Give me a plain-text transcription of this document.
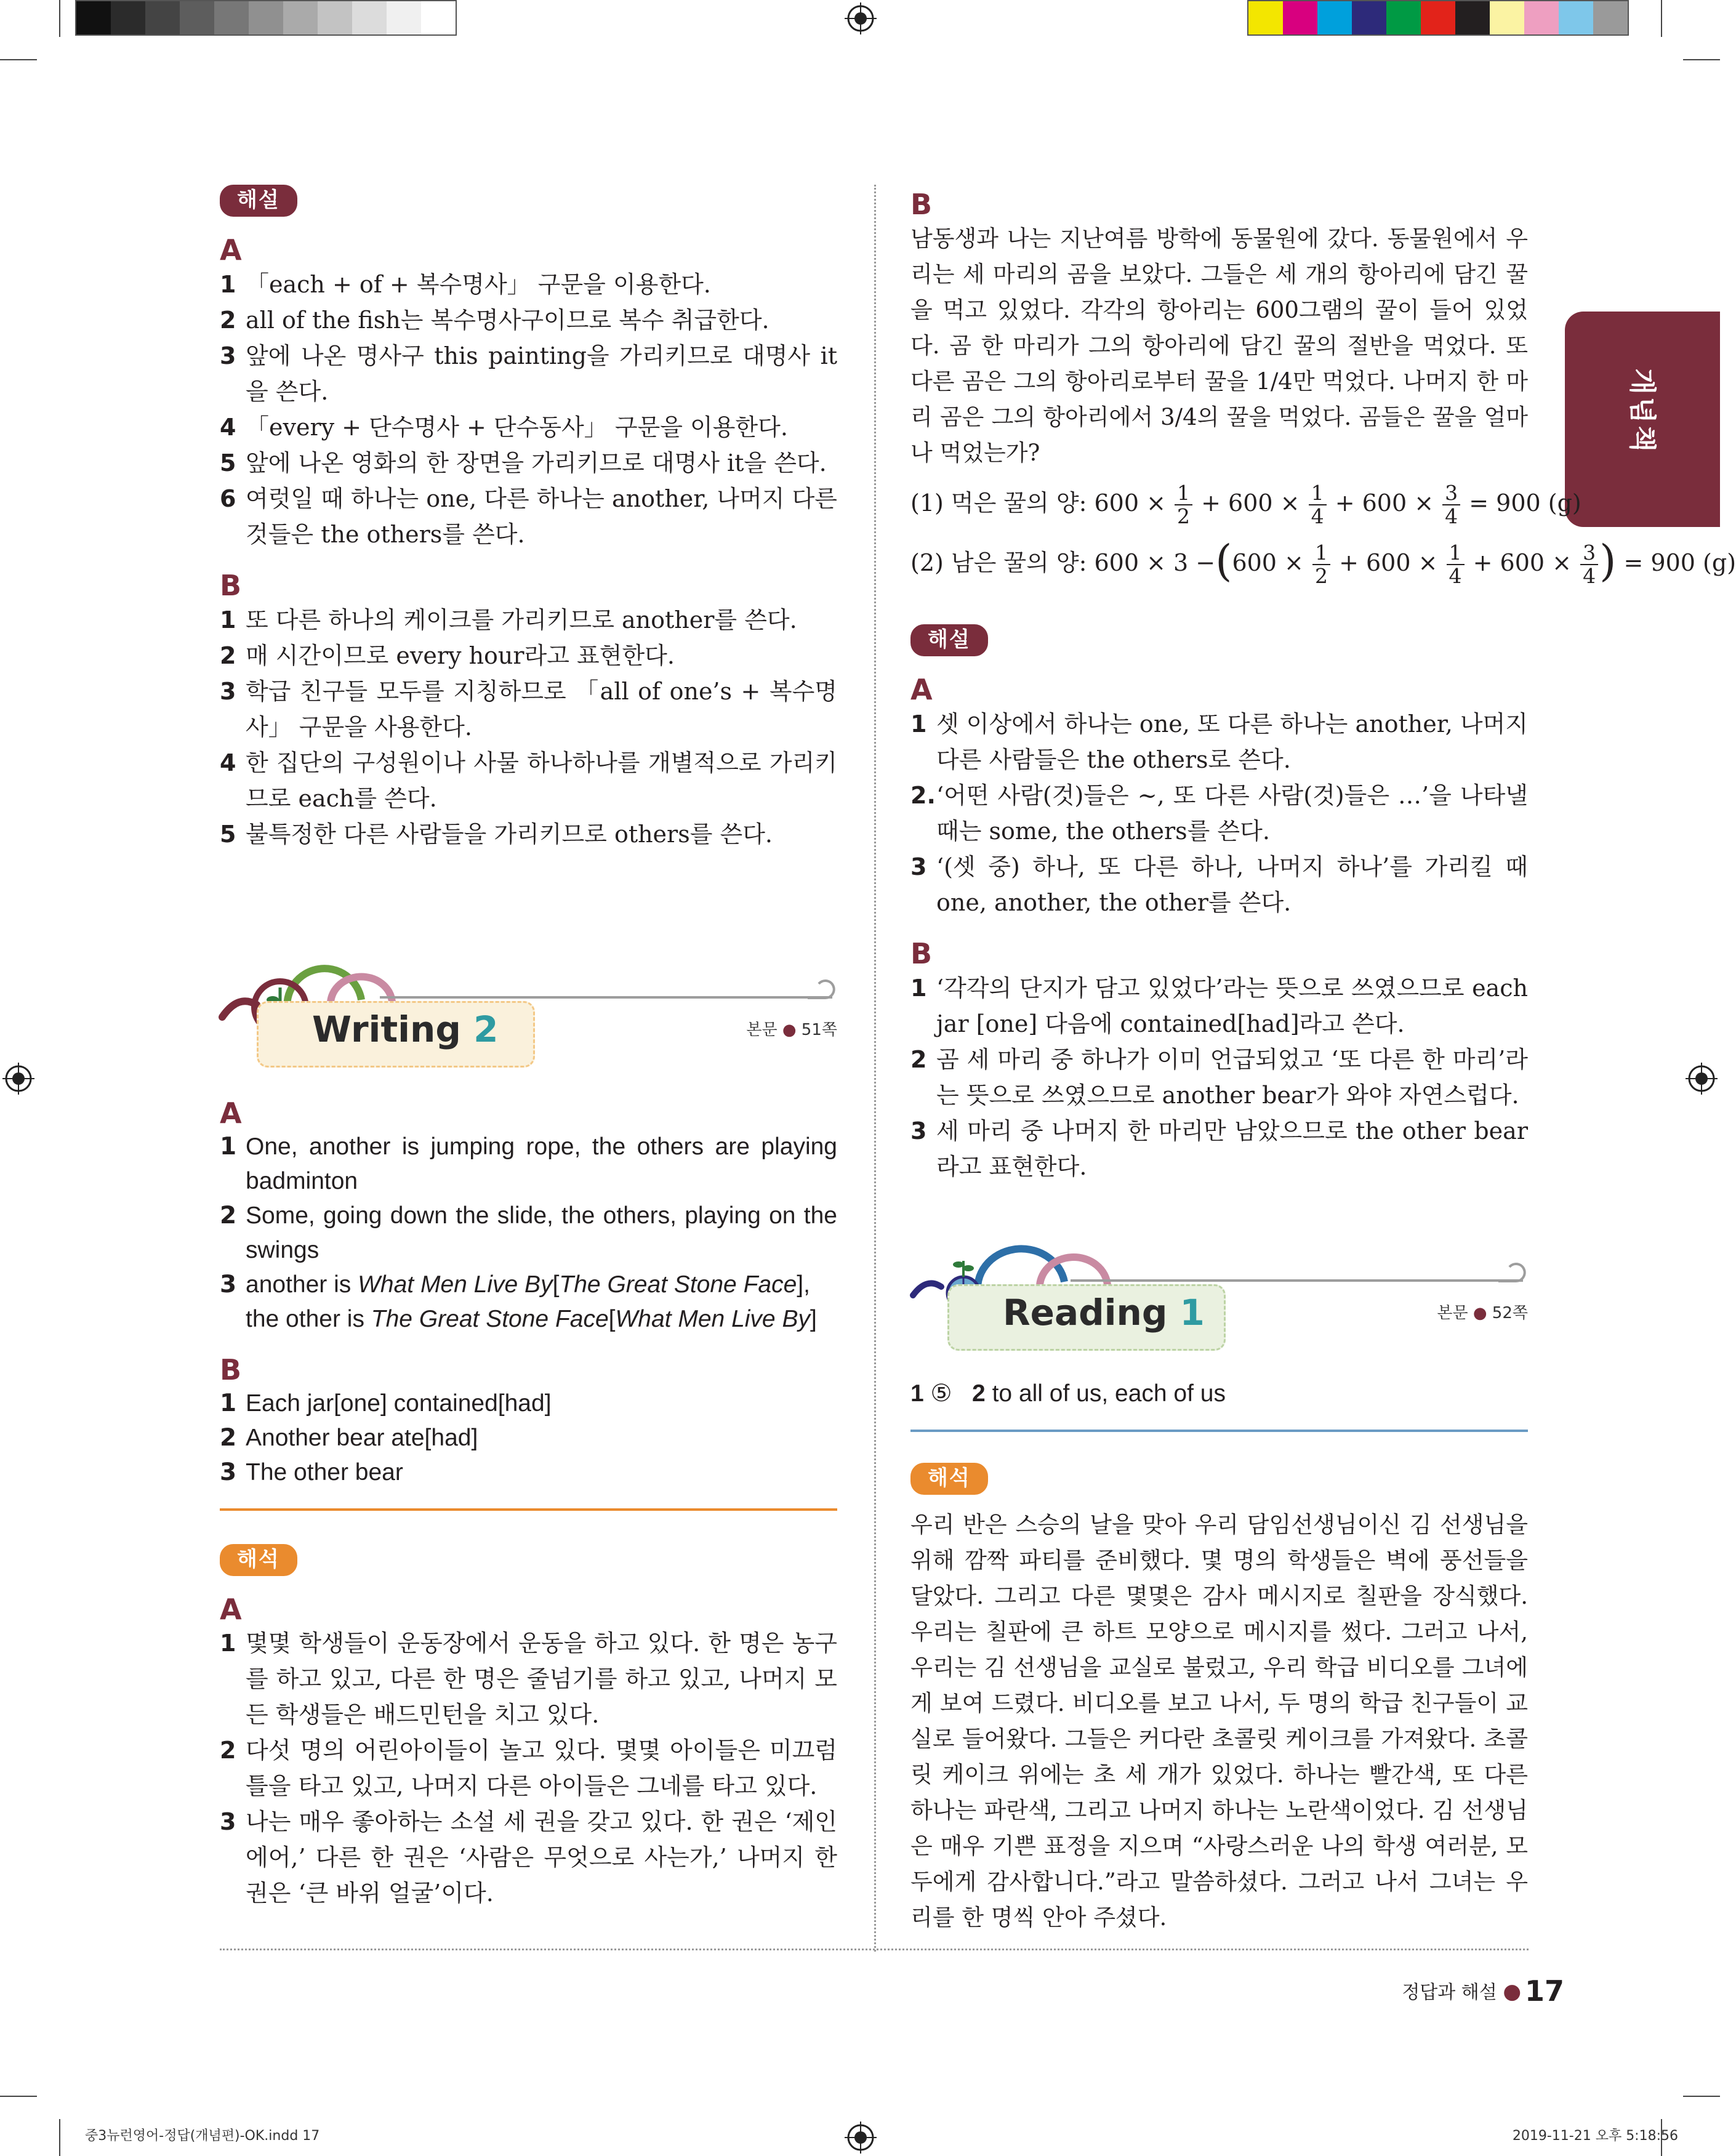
개념책
해설
A
1 「each + of + 복수명사」 구문을 이용한다.
2 all of the fish는 복수명사구이므로 복수 취급한다.
3 앞에 나온 명사구 this painting을 가리키므로 대명사 it을 쓴다.
4 「every + 단수명사 + 단수동사」 구문을 이용한다.
5 앞에 나온 영화의 한 장면을 가리키므로 대명사 it을 쓴다.
6 여럿일 때 하나는 one, 다른 하나는 another, 나머지 다른 것들은 the others를 쓴다.
B
1 또 다른 하나의 케이크를 가리키므로 another를 쓴다.
2 매 시간이므로 every hour라고 표현한다.
3 학급 친구들 모두를 지칭하므로 「all of one’s + 복수명사」 구문을 사용한다.
4 한 집단의 구성원이나 사물 하나하나를 개별적으로 가리키므로 each를 쓴다.
5 불특정한 다른 사람들을 가리키므로 others를 쓴다.
Writing 2	본문 ● 51쪽
A
1 One, another is jumping rope, the others are playing badminton
2 Some, going down the slide, the others, playing on the swings
3 another is What Men Live By[The Great Stone Face],
the other is The Great Stone Face[What Men Live By]
B
1 Each jar[one] contained[had]
2 Another bear ate[had]
3 The other bear
해석
A
1 몇몇 학생들이 운동장에서 운동을 하고 있다. 한 명은 농구를 하고 있고, 다른 한 명은 줄넘기를 하고 있고, 나머지 모든 학생들은 배드민턴을 치고 있다.
2 다섯 명의 어린아이들이 놀고 있다. 몇몇 아이들은 미끄럼틀을 타고 있고, 나머지 다른 아이들은 그네를 타고 있다.
3 나는 매우 좋아하는 소설 세 권을 갖고 있다. 한 권은 ‘제인 에어,’ 다른 한 권은 ‘사람은 무엇으로 사는가,’ 나머지 한 권은 ‘큰 바위 얼굴’이다.
B

남동생과 나는 지난여름 방학에 동물원에 갔다. 동물원에서 우리는 세 마리의 곰을 보았다. 그들은 세 개의 항아리에 담긴 꿀을 먹고 있었다. 각각의 항아리는 600그램의 꿀이 들어 있었다. 곰 한 마리가 그의 항아리에 담긴 꿀의 절반을 먹었다. 또 다른 곰은 그의 항아리로부터 꿀을 1/4만 먹었다. 나머지 한 마리 곰은 그의 항아리에서 3/4의 꿀을 먹었다. 곰들은 꿀을 얼마나 먹었는가?

(1) 먹은 꿀의 양: $600 \times \frac{1}{2} + 600 \times \frac{1}{4} + 600 \times \frac{3}{4} = 900$ (g)
(2) 남은 꿀의 양: $600 \times 3 -(600 \times \frac{1}{2} + 600 \times \frac{1}{4} + 600 \times \frac{3}{4}$ ) = 900 (g)
해설
A
1 셋 이상에서 하나는 one, 또 다른 하나는 another, 나머지 다른 사람들은 the others로 쓴다.
2. ‘어떤 사람(것)들은 ~, 또 다른 사람(것)들은 …’을 나타낼 때는 some, the others를 쓴다.
3 ‘(셋 중) 하나, 또 다른 하나, 나머지 하나’를 가리킬 때 one, another, the other를 쓴다.
B
1 ‘각각의 단지가 담고 있었다’라는 뜻으로 쓰였으므로 each jar [one] 다음에 contained[had]라고 쓴다.
2 곰 세 마리 중 하나가 이미 언급되었고 ‘또 다른 한 마리’라는 뜻으로 쓰였으므로 another bear가 와야 자연스럽다.
3 세 마리 중 나머지 한 마리만 남았으므로 the other bear라고 표현한다.
Reading 1	본문 ● 52쪽
1 ⑤ 2 to all of us, each of us
해석

우리 반은 스승의 날을 맞아 우리 담임선생님이신 김 선생님을 위해 깜짝 파티를 준비했다. 몇 명의 학생들은 벽에 풍선들을 달았다. 그리고 다른 몇몇은 감사 메시지로 칠판을 장식했다. 우리는 칠판에 큰 하트 모양으로 메시지를 썼다. 그러고 나서, 우리는 김 선생님을 교실로 불렀고, 우리 학급 비디오를 그녀에게 보여 드렸다. 비디오를 보고 나서, 두 명의 학급 친구들이 교실로 들어왔다. 그들은 커다란 초콜릿 케이크를 가져왔다. 초콜릿 케이크 위에는 초 세 개가 있었다. 하나는 빨간색, 또 다른 하나는 파란색, 그리고 나머지 하나는 노란색이었다. 김 선생님은 매우 기쁜 표정을 지으며 “사랑스러운 나의 학생 여러분, 모두에게 감사합니다.”라고 말씀하셨다. 그러고 나서 그녀는 우리를 한 명씩 안아 주셨다.

정답과 해설 ● 17
중3뉴런영어-정답(개념편)-OK.indd 17	2019-11-21 오후 5:18:56
